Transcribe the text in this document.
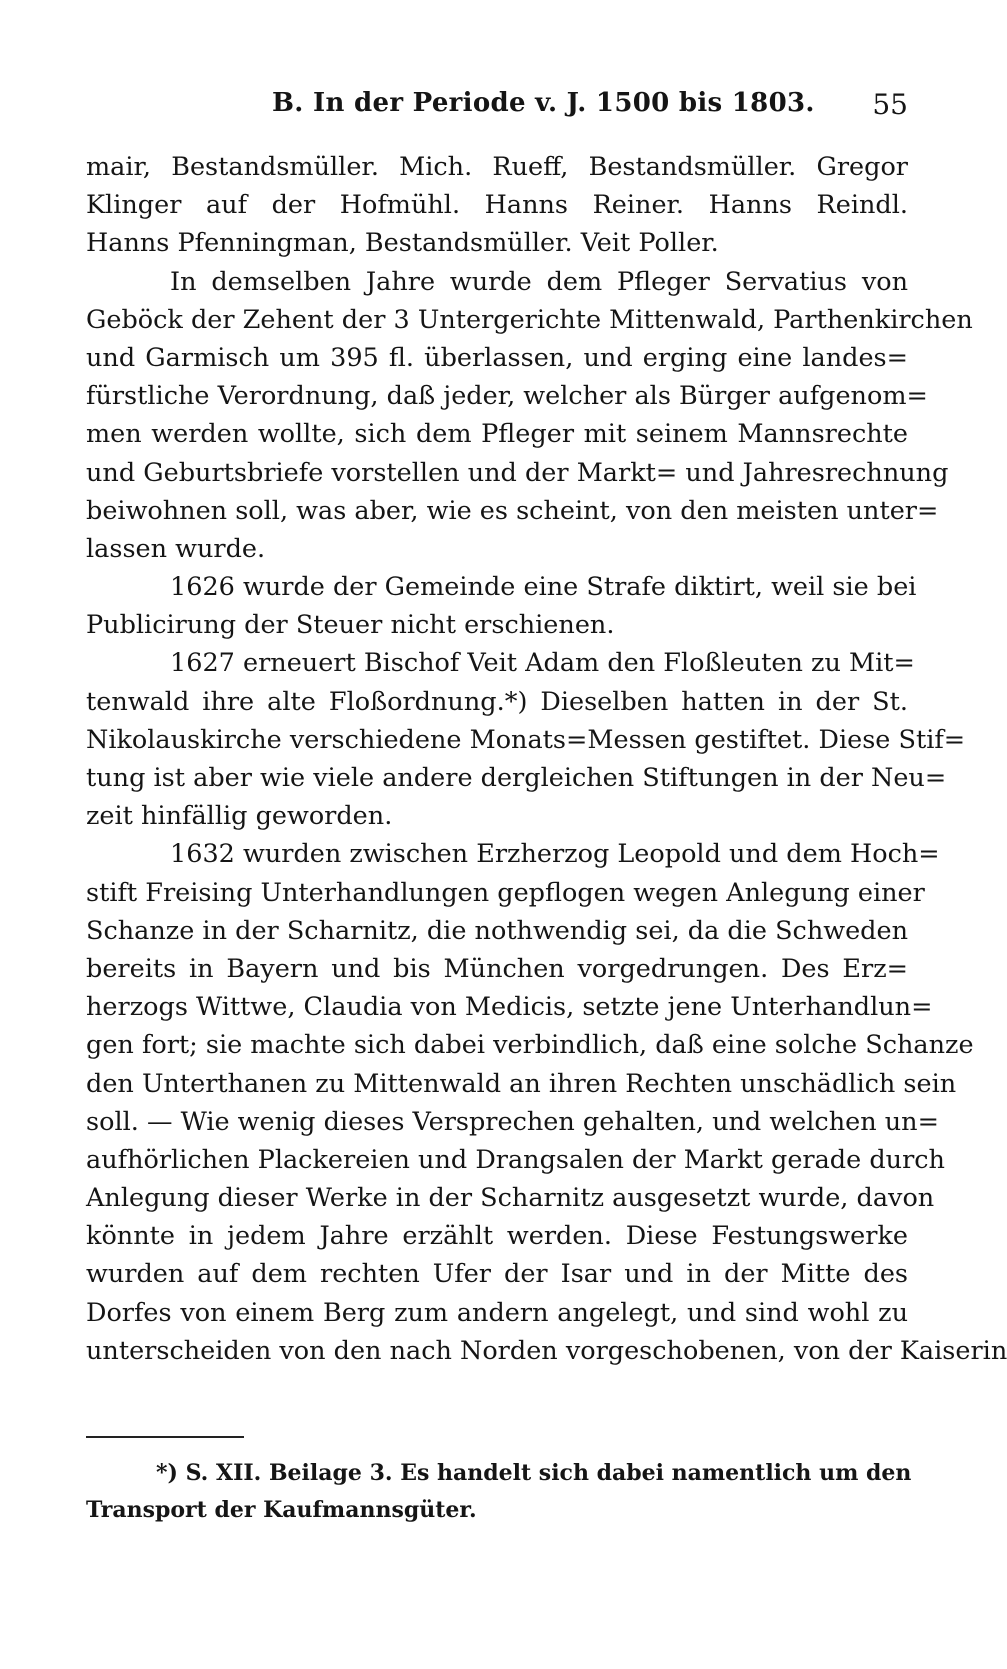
B. In der Periode v. J. 1500 bis 1803. 55
mair, Bestandsmüller. Mich. Rueff, Bestandsmüller. Gregor
Klinger auf der Hofmühl. Hanns Reiner. Hanns Reindl.
Hanns Pfenningman, Bestandsmüller. Veit Poller.
In demselben Jahre wurde dem Pfleger Servatius von
Geböck der Zehent der 3 Untergerichte Mittenwald, Parthenkirchen
und Garmisch um 395 fl. überlassen, und erging eine landes=
fürstliche Verordnung, daß jeder, welcher als Bürger aufgenom=
men werden wollte, sich dem Pfleger mit seinem Mannsrechte
und Geburtsbriefe vorstellen und der Markt= und Jahresrechnung
beiwohnen soll, was aber, wie es scheint, von den meisten unter=
lassen wurde.
1626 wurde der Gemeinde eine Strafe diktirt, weil sie bei
Publicirung der Steuer nicht erschienen.
1627 erneuert Bischof Veit Adam den Floßleuten zu Mit=
tenwald ihre alte Floßordnung.*) Dieselben hatten in der St.
Nikolauskirche verschiedene Monats=Messen gestiftet. Diese Stif=
tung ist aber wie viele andere dergleichen Stiftungen in der Neu=
zeit hinfällig geworden.
1632 wurden zwischen Erzherzog Leopold und dem Hoch=
stift Freising Unterhandlungen gepflogen wegen Anlegung einer
Schanze in der Scharnitz, die nothwendig sei, da die Schweden
bereits in Bayern und bis München vorgedrungen. Des Erz=
herzogs Wittwe, Claudia von Medicis, setzte jene Unterhandlun=
gen fort; sie machte sich dabei verbindlich, daß eine solche Schanze
den Unterthanen zu Mittenwald an ihren Rechten unschädlich sein
soll. — Wie wenig dieses Versprechen gehalten, und welchen un=
aufhörlichen Plackereien und Drangsalen der Markt gerade durch
Anlegung dieser Werke in der Scharnitz ausgesetzt wurde, davon
könnte in jedem Jahre erzählt werden. Diese Festungswerke
wurden auf dem rechten Ufer der Isar und in der Mitte des
Dorfes von einem Berg zum andern angelegt, und sind wohl zu
unterscheiden von den nach Norden vorgeschobenen, von der Kaiserin
*) S. XII. Beilage 3. Es handelt sich dabei namentlich um den
Transport der Kaufmannsgüter.
